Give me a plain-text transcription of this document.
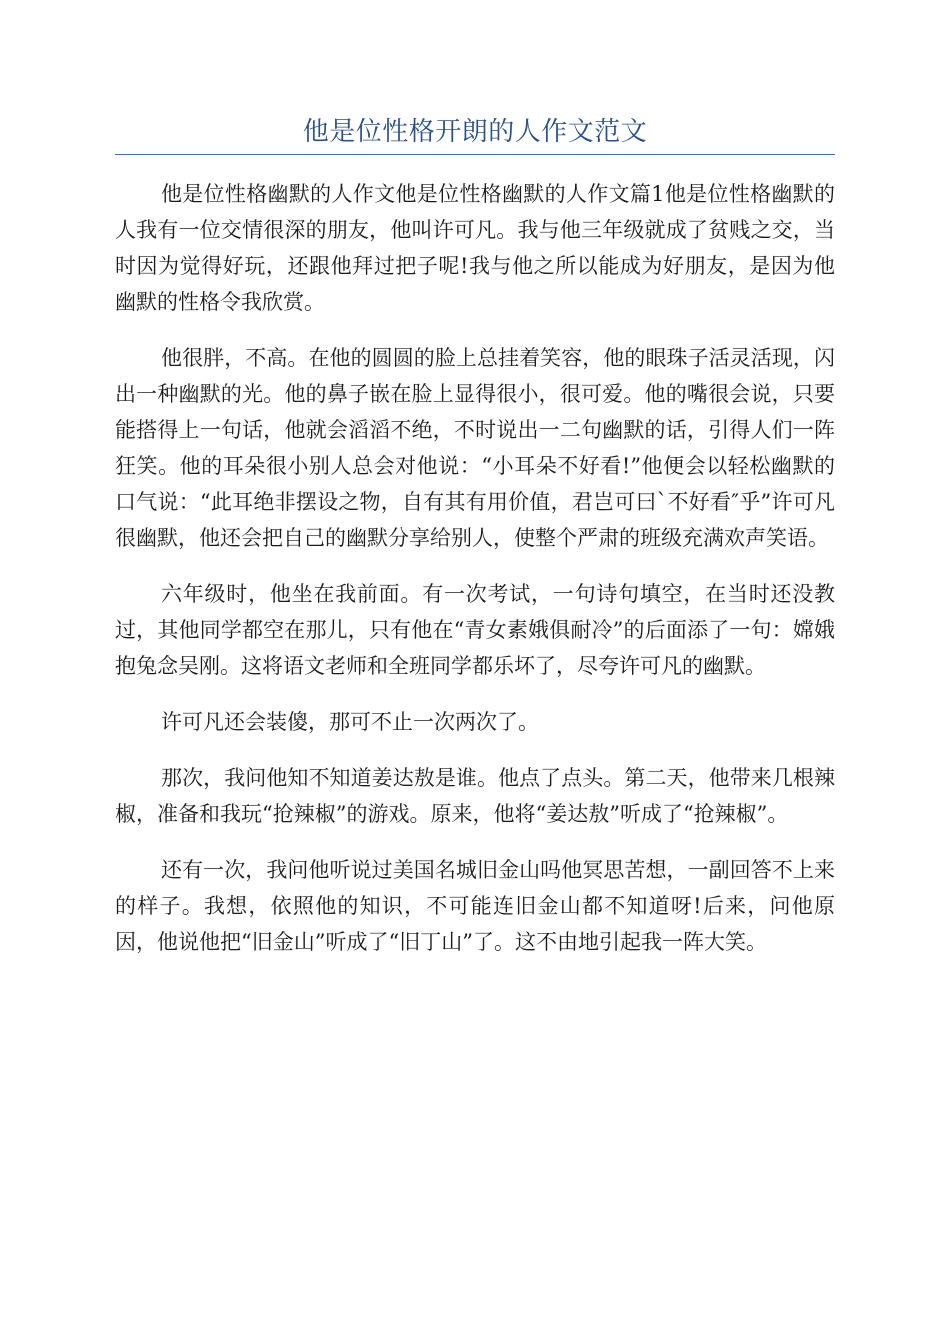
他是位性格开朗的人作文范文

他是位性格幽默的人作文他是位性格幽默的人作文篇1他是位性格幽默的人我有一位交情很深的朋友，他叫许可凡。我与他三年级就成了贫贱之交，当时因为觉得好玩，还跟他拜过把子呢!我与他之所以能成为好朋友，是因为他幽默的性格令我欣赏。

他很胖，不高。在他的圆圆的脸上总挂着笑容，他的眼珠子活灵活现，闪出一种幽默的光。他的鼻子嵌在脸上显得很小，很可爱。他的嘴很会说，只要能搭得上一句话，他就会滔滔不绝，不时说出一二句幽默的话，引得人们一阵狂笑。他的耳朵很小别人总会对他说：“小耳朵不好看!”他便会以轻松幽默的口气说：“此耳绝非摆设之物，自有其有用价值，君岂可曰`不好看″乎”许可凡很幽默，他还会把自己的幽默分享给别人，使整个严肃的班级充满欢声笑语。

六年级时，他坐在我前面。有一次考试，一句诗句填空，在当时还没教过，其他同学都空在那儿，只有他在“青女素娥俱耐冷”的后面添了一句：嫦娥抱兔念吴刚。这将语文老师和全班同学都乐坏了，尽夸许可凡的幽默。

许可凡还会装傻，那可不止一次两次了。

那次，我问他知不知道姜达敖是谁。他点了点头。第二天，他带来几根辣椒，准备和我玩“抢辣椒”的游戏。原来，他将“姜达敖”听成了“抢辣椒”。

还有一次，我问他听说过美国名城旧金山吗他冥思苦想，一副回答不上来的样子。我想，依照他的知识，不可能连旧金山都不知道呀!后来，问他原因，他说他把“旧金山”听成了“旧丁山”了。这不由地引起我一阵大笑。
